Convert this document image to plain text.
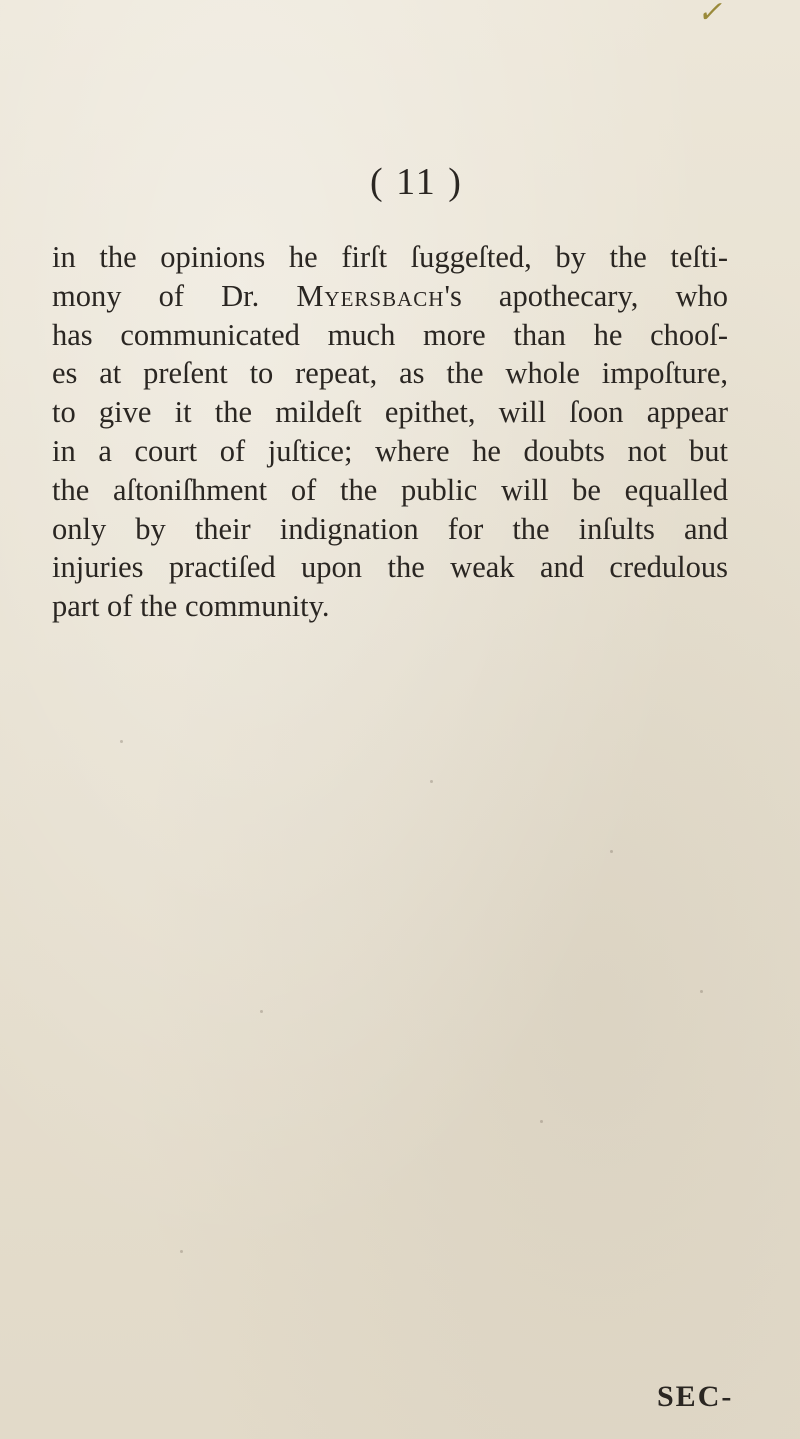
✓
( 11 )
in the opinions he firſt ſuggeſted, by the teſti-
mony of Dr. Myersbach's apothecary, who
has communicated much more than he chooſ-
es at preſent to repeat, as the whole impoſture,
to give it the mildeſt epithet, will ſoon appear
in a court of juſtice; where he doubts not but
the aſtoniſhment of the public will be equalled
only by their indignation for the inſults and
injuries practiſed upon the weak and credulous
part of the community.
SEC-
